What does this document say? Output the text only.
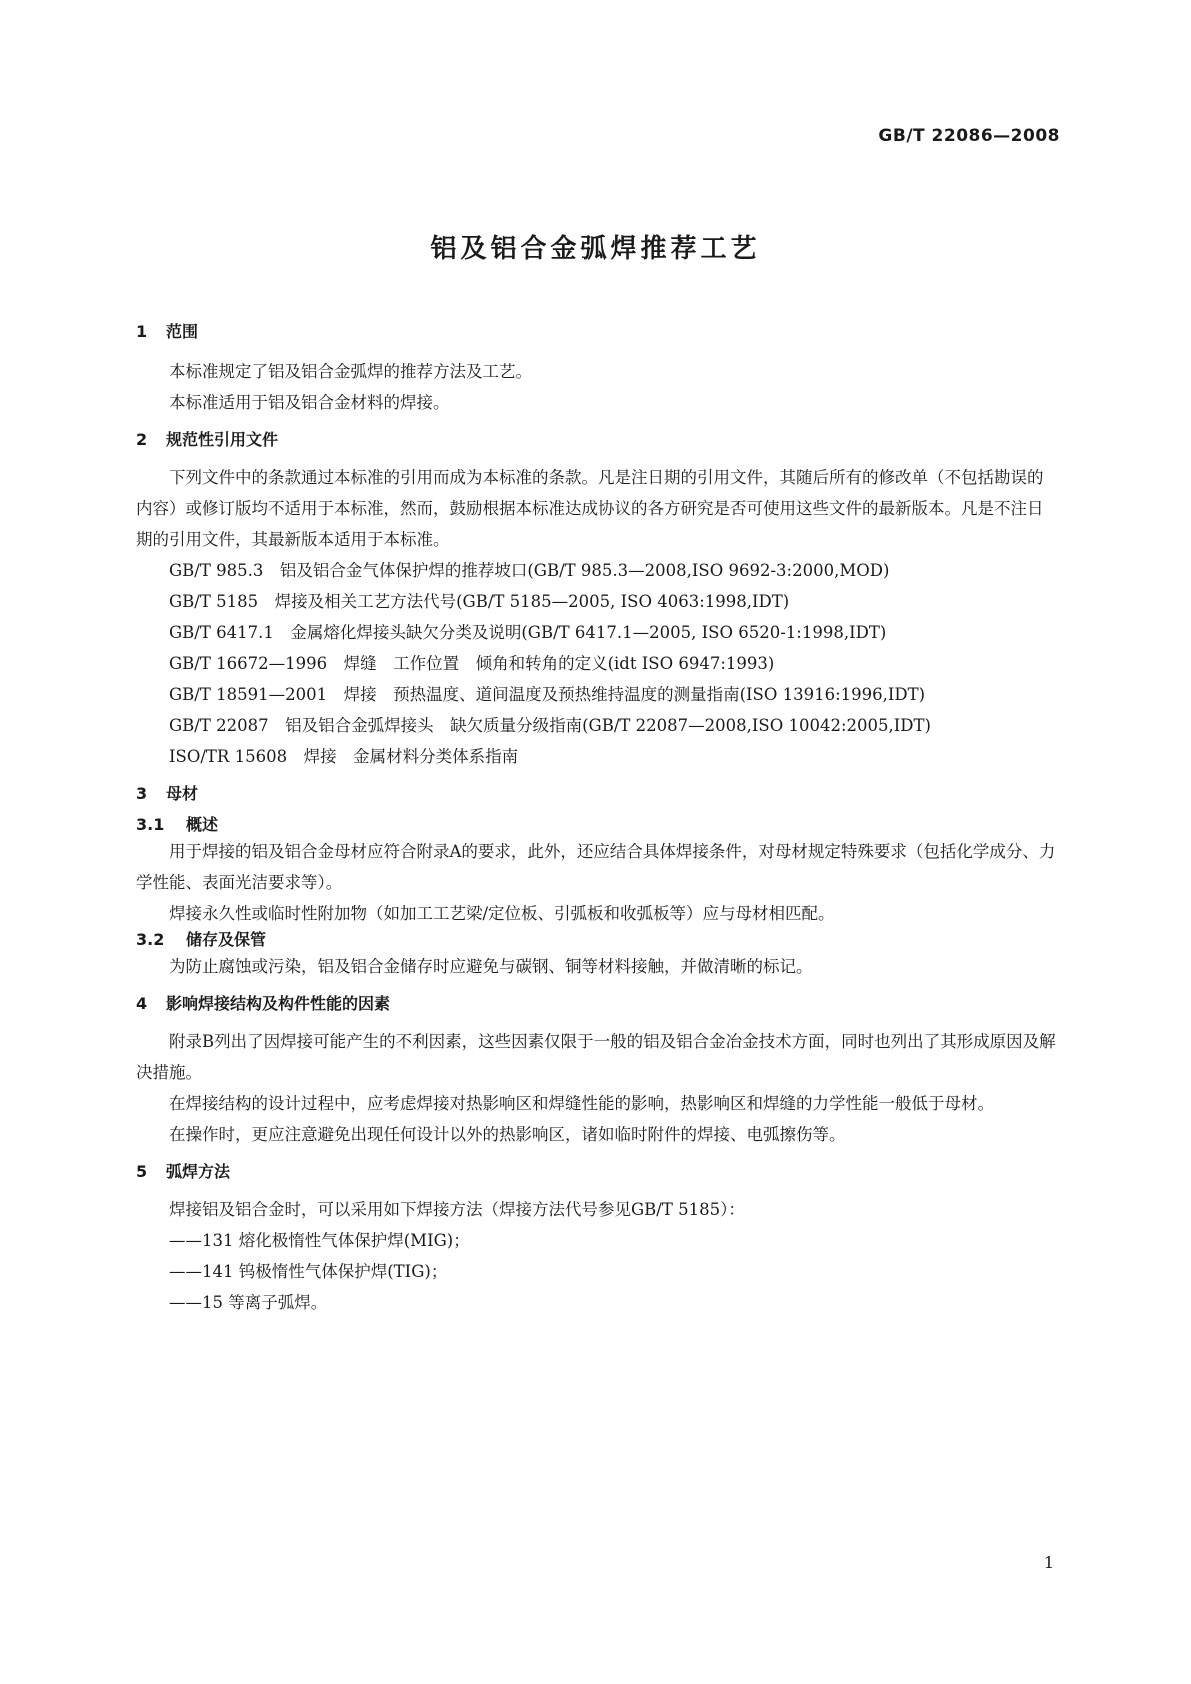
GB/T 22086—2008
铝及铝合金弧焊推荐工艺
1 范围

本标准规定了铝及铝合金弧焊的推荐方法及工艺。

本标准适用于铝及铝合金材料的焊接。

2 规范性引用文件

下列文件中的条款通过本标准的引用而成为本标准的条款。凡是注日期的引用文件，其随后所有的修改单（不包括勘误的内容）或修订版均不适用于本标准，然而，鼓励根据本标准达成协议的各方研究是否可使用这些文件的最新版本。凡是不注日期的引用文件，其最新版本适用于本标准。

GB/T 985.3　铝及铝合金气体保护焊的推荐坡口(GB/T 985.3—2008,ISO 9692-3:2000,MOD)

GB/T 5185　焊接及相关工艺方法代号(GB/T 5185—2005, ISO 4063:1998,IDT)

GB/T 6417.1　金属熔化焊接头缺欠分类及说明(GB/T 6417.1—2005, ISO 6520-1:1998,IDT)

GB/T 16672—1996　焊缝　工作位置　倾角和转角的定义(idt ISO 6947:1993)

GB/T 18591—2001　焊接　预热温度、道间温度及预热维持温度的测量指南(ISO 13916:1996,IDT)

GB/T 22087　铝及铝合金弧焊接头　缺欠质量分级指南(GB/T 22087—2008,ISO 10042:2005,IDT)

ISO/TR 15608　焊接　金属材料分类体系指南

3 母材
3.1 概述

用于焊接的铝及铝合金母材应符合附录A的要求，此外，还应结合具体焊接条件，对母材规定特殊要求（包括化学成分、力学性能、表面光洁要求等）。

焊接永久性或临时性附加物（如加工工艺梁/定位板、引弧板和收弧板等）应与母材相匹配。

3.2 储存及保管

为防止腐蚀或污染，铝及铝合金储存时应避免与碳钢、铜等材料接触，并做清晰的标记。

4 影响焊接结构及构件性能的因素

附录B列出了因焊接可能产生的不利因素，这些因素仅限于一般的铝及铝合金冶金技术方面，同时也列出了其形成原因及解决措施。

在焊接结构的设计过程中，应考虑焊接对热影响区和焊缝性能的影响，热影响区和焊缝的力学性能一般低于母材。

在操作时，更应注意避免出现任何设计以外的热影响区，诸如临时附件的焊接、电弧擦伤等。

5 弧焊方法

焊接铝及铝合金时，可以采用如下焊接方法（焊接方法代号参见GB/T 5185）：

——131 熔化极惰性气体保护焊(MIG)；

——141 钨极惰性气体保护焊(TIG)；

——15 等离子弧焊。

1
